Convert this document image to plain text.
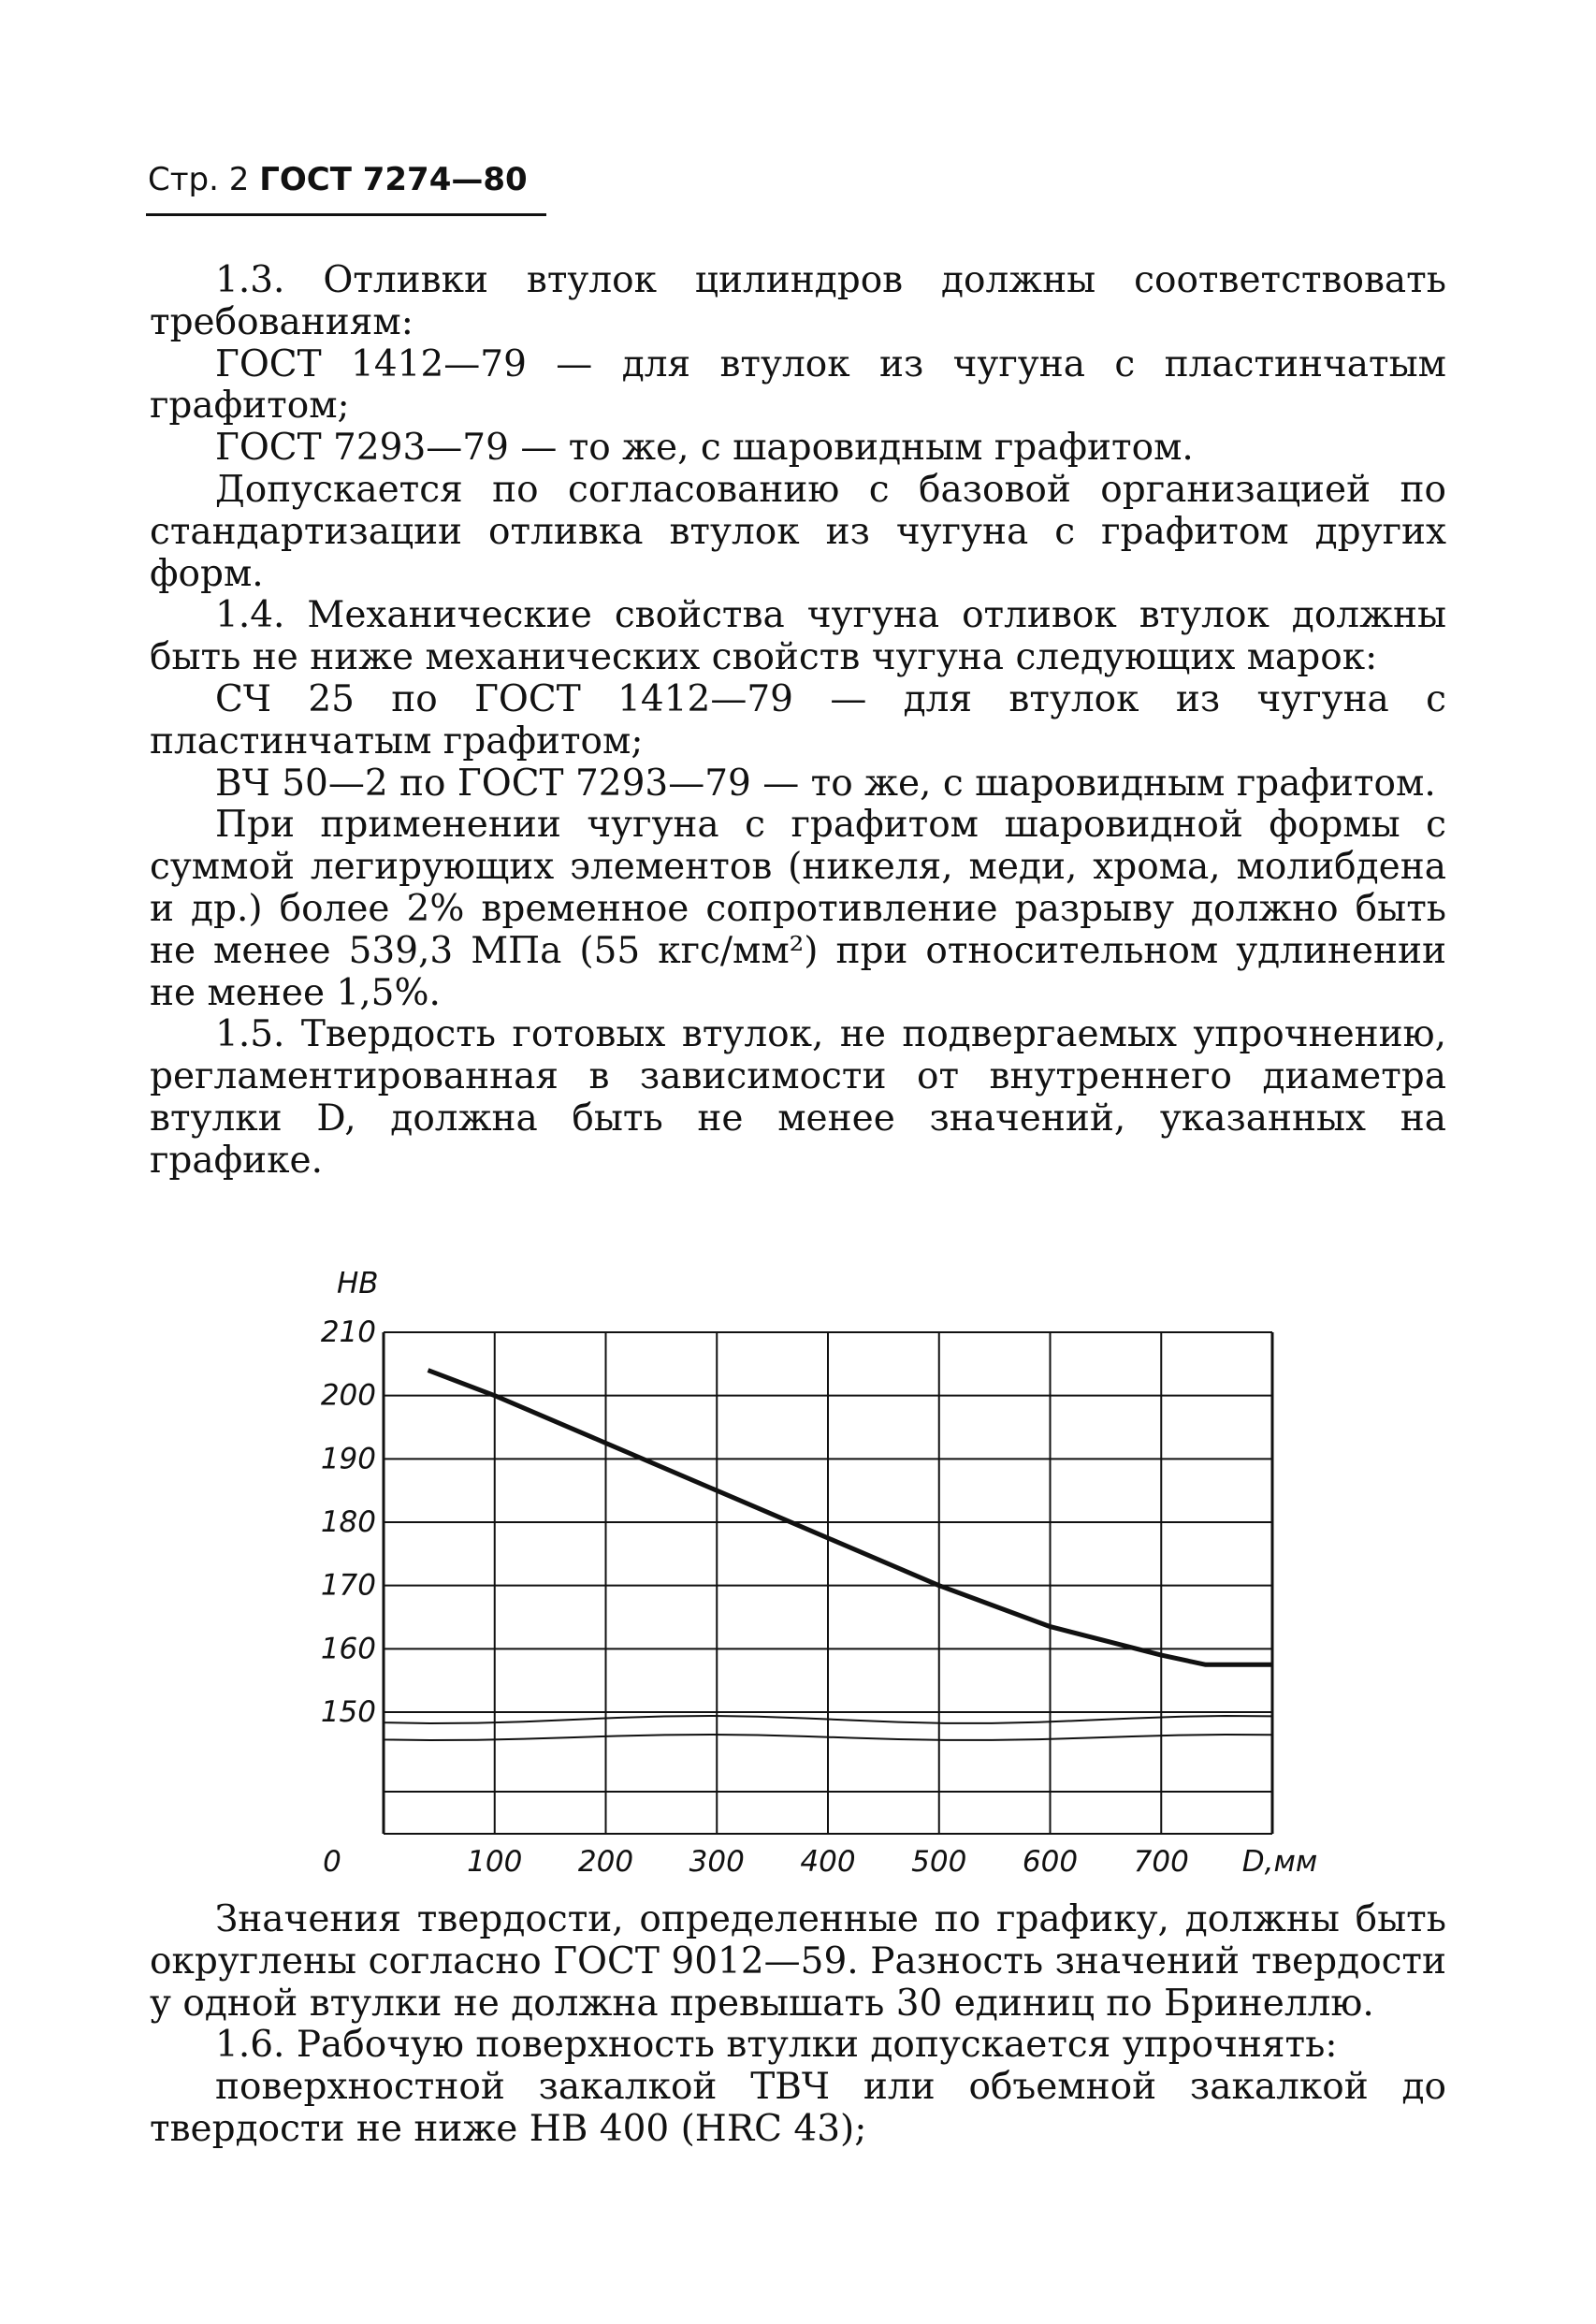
Стр. 2 ГОСТ 7274—80

1.3. Отливки втулок цилиндров должны соответствовать требованиям:

ГОСТ 1412—79 — для втулок из чугуна с пластинчатым графитом;

ГОСТ 7293—79 — то же, с шаровидным графитом.

Допускается по согласованию с базовой организацией по стандартизации отливка втулок из чугуна с графитом других форм.

1.4. Механические свойства чугуна отливок втулок должны быть не ниже механических свойств чугуна следующих марок:

СЧ 25 по ГОСТ 1412—79 — для втулок из чугуна с пластинчатым графитом;

ВЧ 50—2 по ГОСТ 7293—79 — то же, с шаровидным графитом.

При применении чугуна с графитом шаровидной формы с суммой легирующих элементов (никеля, меди, хрома, молибдена и др.) более 2% временное сопротивление разрыву должно быть не менее 539,3 МПа (55 кгс/мм²) при относительном удлинении не менее 1,5%.

1.5. Твердость готовых втулок, не подвергаемых упрочнению, регламентированная в зависимости от внутреннего диаметра втулки D, должна быть не менее значений, указанных на графике.

210
200
190
180
170
160
150
HB
0	100 200 300 400 500 600 700 D,мм

Значения твердости, определенные по графику, должны быть округлены согласно ГОСТ 9012—59. Разность значений твердости у одной втулки не должна превышать 30 единиц по Бринеллю.

1.6. Рабочую поверхность втулки допускается упрочнять:

поверхностной закалкой ТВЧ или объемной закалкой до твердости не ниже HB 400 (HRC 43);
